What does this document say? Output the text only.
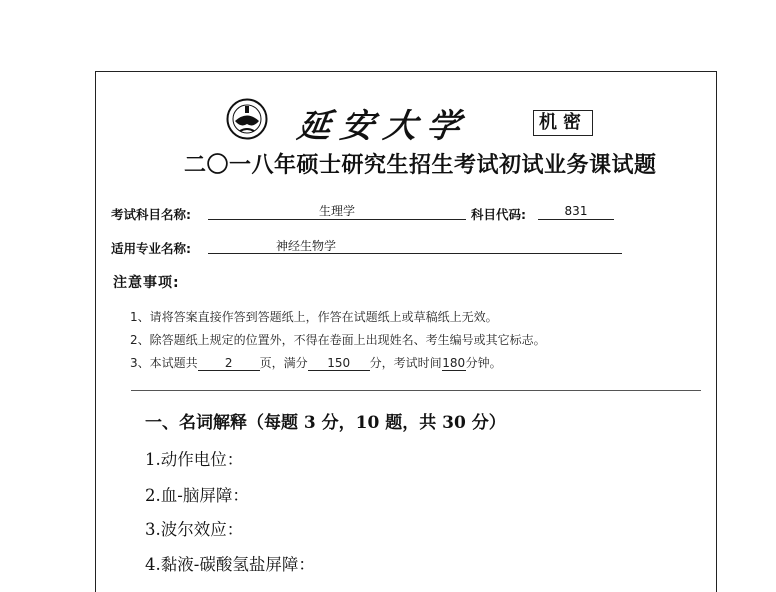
延安大学	机密
二〇一八年硕士研究生招生考试初试业务课试题
考试科目名称:	生理学	科目代码:	831
适用专业名称:	神经生物学
注意事项:
1、请将答案直接作答到答题纸上，作答在试题纸上或草稿纸上无效。
2、除答题纸上规定的位置外，不得在卷面上出现姓名、考生编号或其它标志。
3、本试题共 2 页，满分 150 分，考试时间180分钟。
一、名词解释（每题 3 分，10 题，共 30 分）
1.动作电位：
2.血-脑屏障：
3.波尔效应：
4.黏液-碳酸氢盐屏障：
